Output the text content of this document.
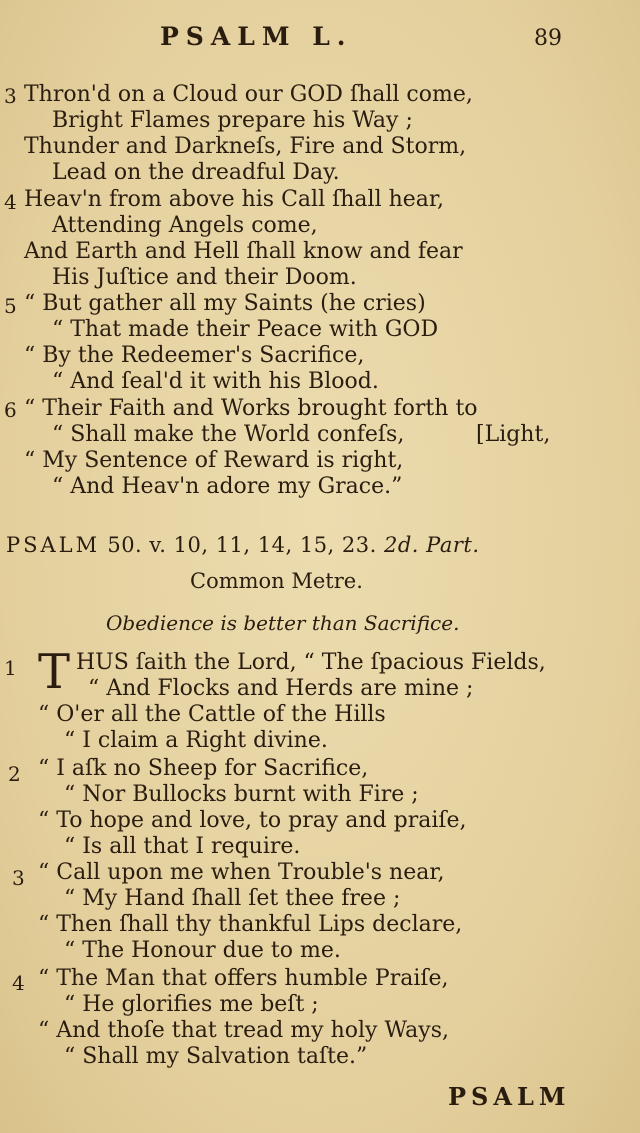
PSALM L.	89
3
4
5
6
Thron'd on a Cloud our GOD ſhall come,
Bright Flames prepare his Way ;
Thunder and Darkneſs, Fire and Storm,
Lead on the dreadful Day.
Heav'n from above his Call ſhall hear,
Attending Angels come,
And Earth and Hell ſhall know and fear
His Juſtice and their Doom.
“ But gather all my Saints (he cries)
“ That made their Peace with GOD
“ By the Redeemer's Sacrifice,
“ And ſeal'd it with his Blood.
“ Their Faith and Works brought forth to
“ Shall make the World confeſs,	[Light,
“ My Sentence of Reward is right,
“ And Heav'n adore my Grace.”
PSALM 50. v. 10, 11, 14, 15, 23. 2d. Part.
Common Metre.
Obedience is better than Sacrifice.
T
1
2
3
4
HUS ſaith the Lord, “ The ſpacious Fields,
“ And Flocks and Herds are mine ;
“ O'er all the Cattle of the Hills
“ I claim a Right divine.
“ I aſk no Sheep for Sacrifice,
“ Nor Bullocks burnt with Fire ;
“ To hope and love, to pray and praiſe,
“ Is all that I require.
“ Call upon me when Trouble's near,
“ My Hand ſhall ſet thee free ;
“ Then ſhall thy thankful Lips declare,
“ The Honour due to me.
“ The Man that offers humble Praiſe,
“ He glorifies me beſt ;
“ And thoſe that tread my holy Ways,
“ Shall my Salvation taſte.”
PSALM
